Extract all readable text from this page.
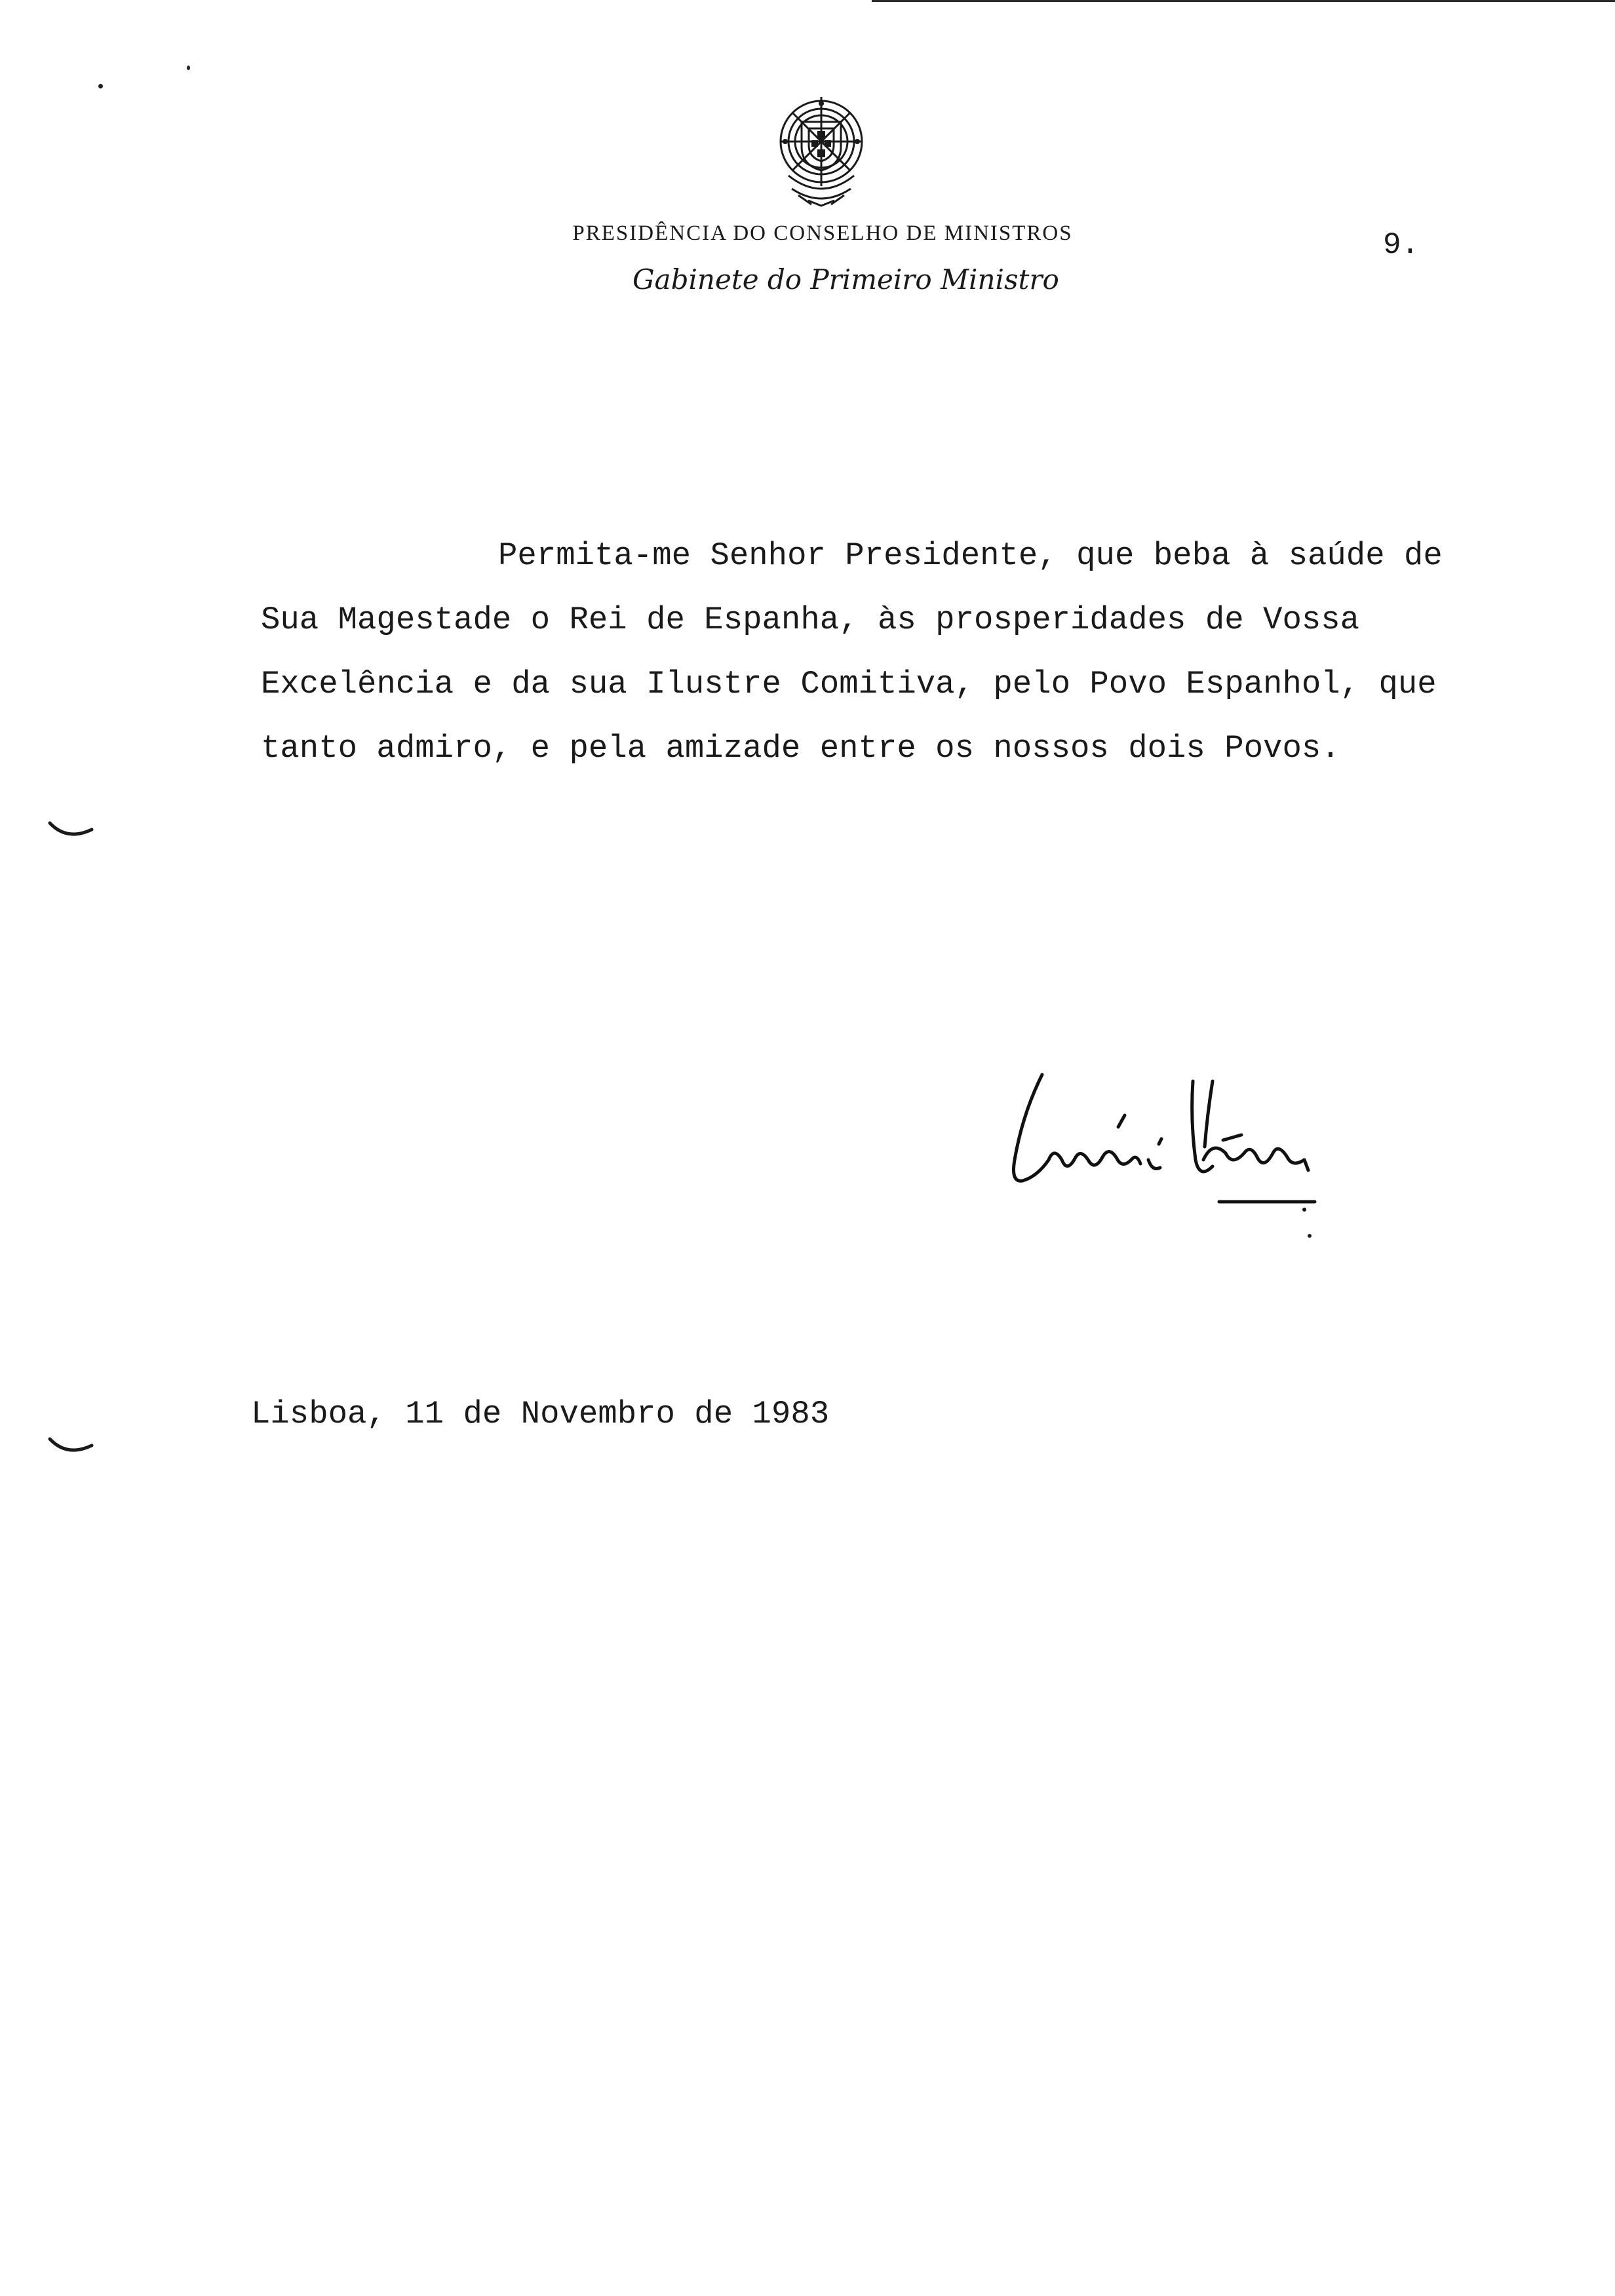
PRESIDÊNCIA DO CONSELHO DE MINISTROS
Gabinete do Primeiro Ministro
9.
Permita-me Senhor Presidente, que beba à saúde de
Sua Magestade o Rei de Espanha, às prosperidades de Vossa
Excelência e da sua Ilustre Comitiva, pelo Povo Espanhol, que
tanto admiro, e pela amizade entre os nossos dois Povos.
Lisboa, 11 de Novembro de 1983
